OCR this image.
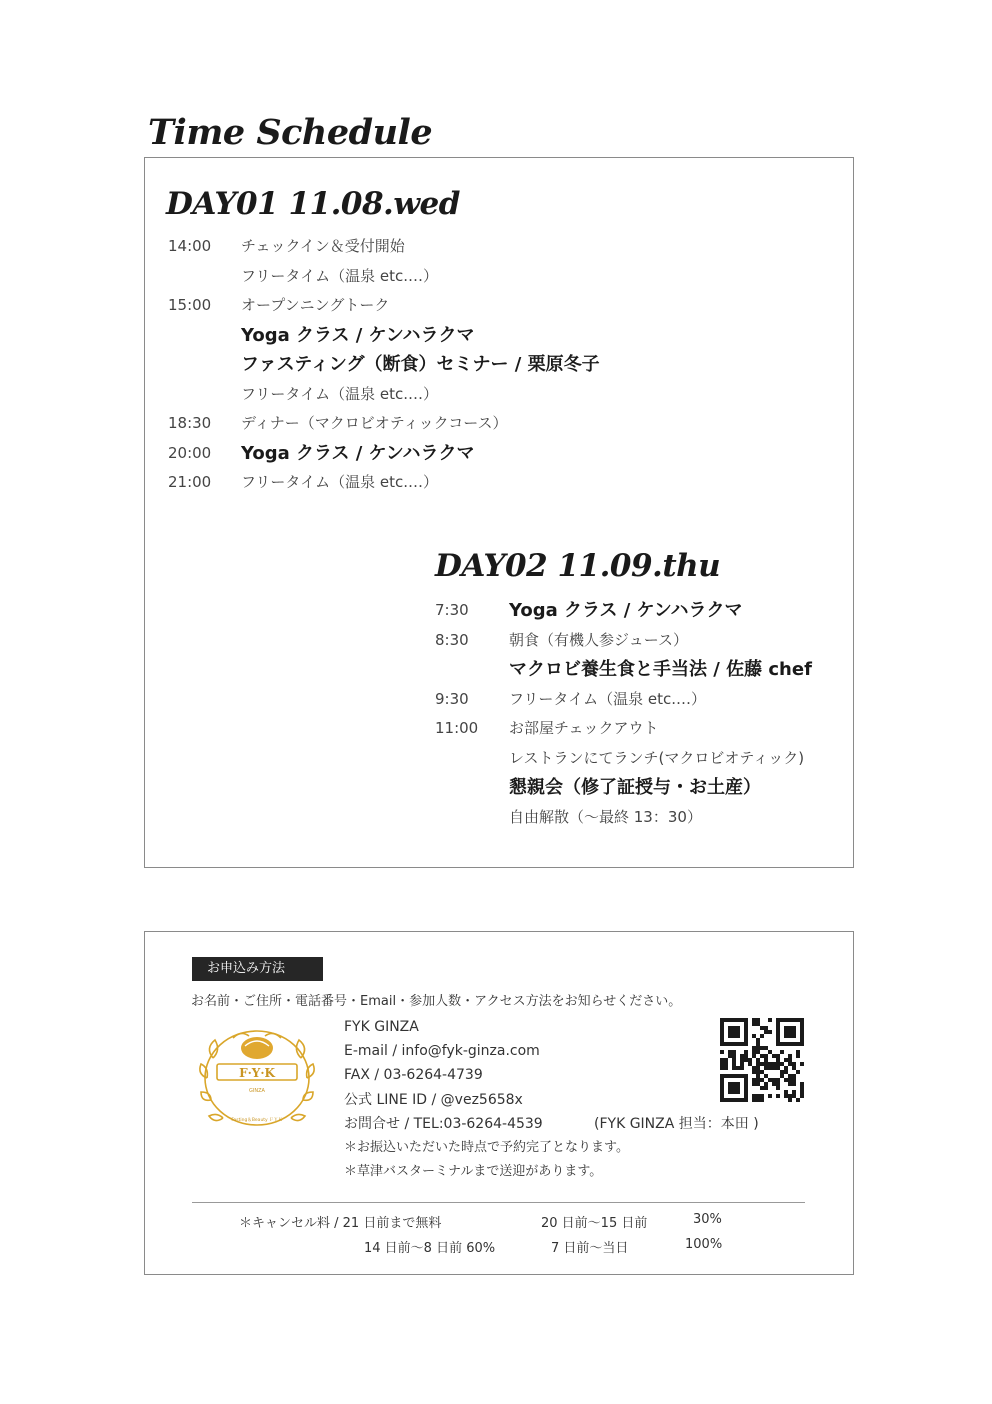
Time Schedule
DAY01 11.08.wed
14:00 チェックイン＆受付開始
フリータイム（温泉 etc.…）
15:00 オープンニングトーク
Yoga クラス / ケンハラクマ
ファスティング（断食）セミナー / 栗原冬子
フリータイム（温泉 etc.…）
18:30 ディナー（マクロビオティックコース）
20:00 Yoga クラス / ケンハラクマ
21:00 フリータイム（温泉 etc.…）
DAY02 11.09.thu
7:30 Yoga クラス / ケンハラクマ
8:30	朝食（有機人参ジュース）
マクロビ養生食と手当法 / 佐藤 chef
9:30	フリータイム（温泉 etc.…）
11:00 お部屋チェックアウト
レストランにてランチ(マクロビオティック)
懇親会（修了証授与・お土産）
自由解散（～最終 13：30）
お申込み方法
お名前・ご住所・電話番号・Email・参加人数・アクセス方法をお知らせください。
F·Y·K
GINZA
Fasting＆Beauty ＦＹＫ
FYK GINZA
E-mail / info@fyk-ginza.com
FAX / 03-6264-4739
公式 LINE ID / @vez5658x
お問合せ / TEL:03-6264-4539	(FYK GINZA 担当：本田 )
＊お振込いただいた時点で予約完了となります。
＊草津バスターミナルまで送迎があります。
＊キャンセル料 / 21 日前まで無料	20 日前～15 日前	30%
14 日前～8 日前 60%	7 日前～当日	100%
